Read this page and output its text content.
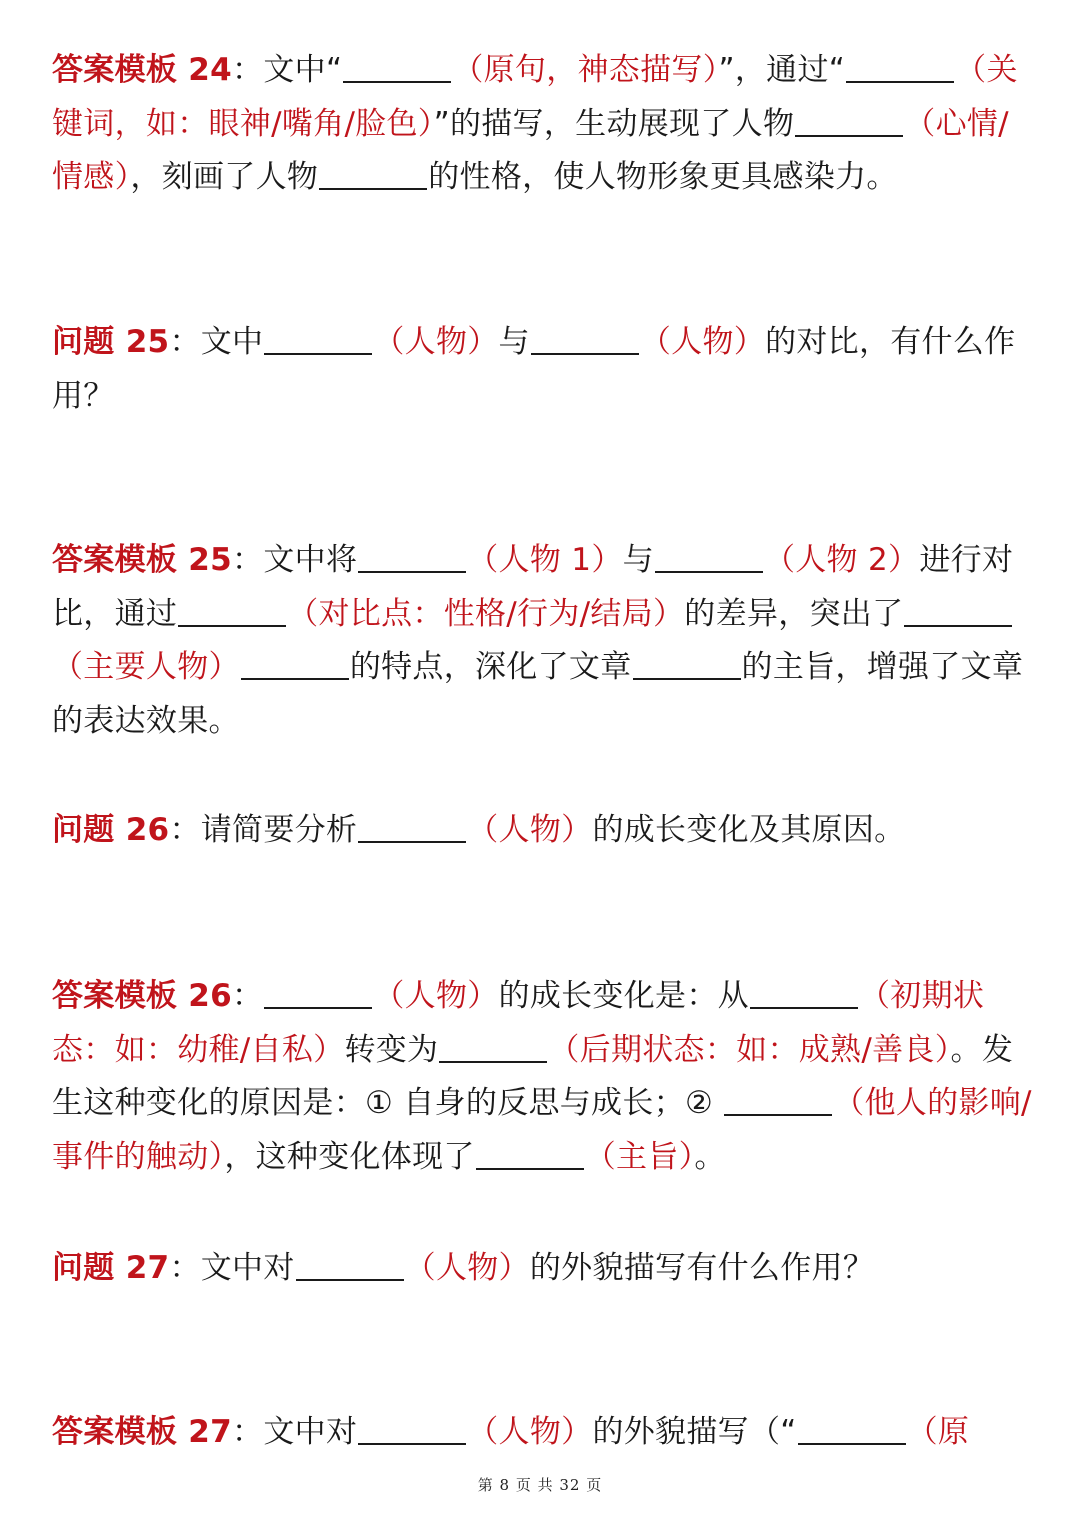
答案模板 24：文中“	（原句，神态描写）”，通过“	（关键词，如：眼神/嘴角/脸色）”的描写，生动展现了人物	（心情/情感），刻画了人物	的性格，使人物形象更具感染力。
问题 25：文中	（人物）与	（人物）的对比，有什么作用？
答案模板 25：文中将	（人物 1）与	（人物 2）进行对比，通过	（对比点：性格/行为/结局）的差异，突出了（主要人物）	的特点，深化了文章	的主旨，增强了文章的表达效果。
问题 26：请简要分析	（人物）的成长变化及其原因。
答案模板 26：	（人物）的成长变化是：从	（初期状态：如：幼稚/自私）转变为	（后期状态：如：成熟/善良）。发生这种变化的原因是：① 自身的反思与成长；②	（他人的影响/事件的触动），这种变化体现了	（主旨）。
问题 27：文中对	（人物）的外貌描写有什么作用？
答案模板 27：文中对	（人物）的外貌描写（“	（原
第 8 页 共 32 页
